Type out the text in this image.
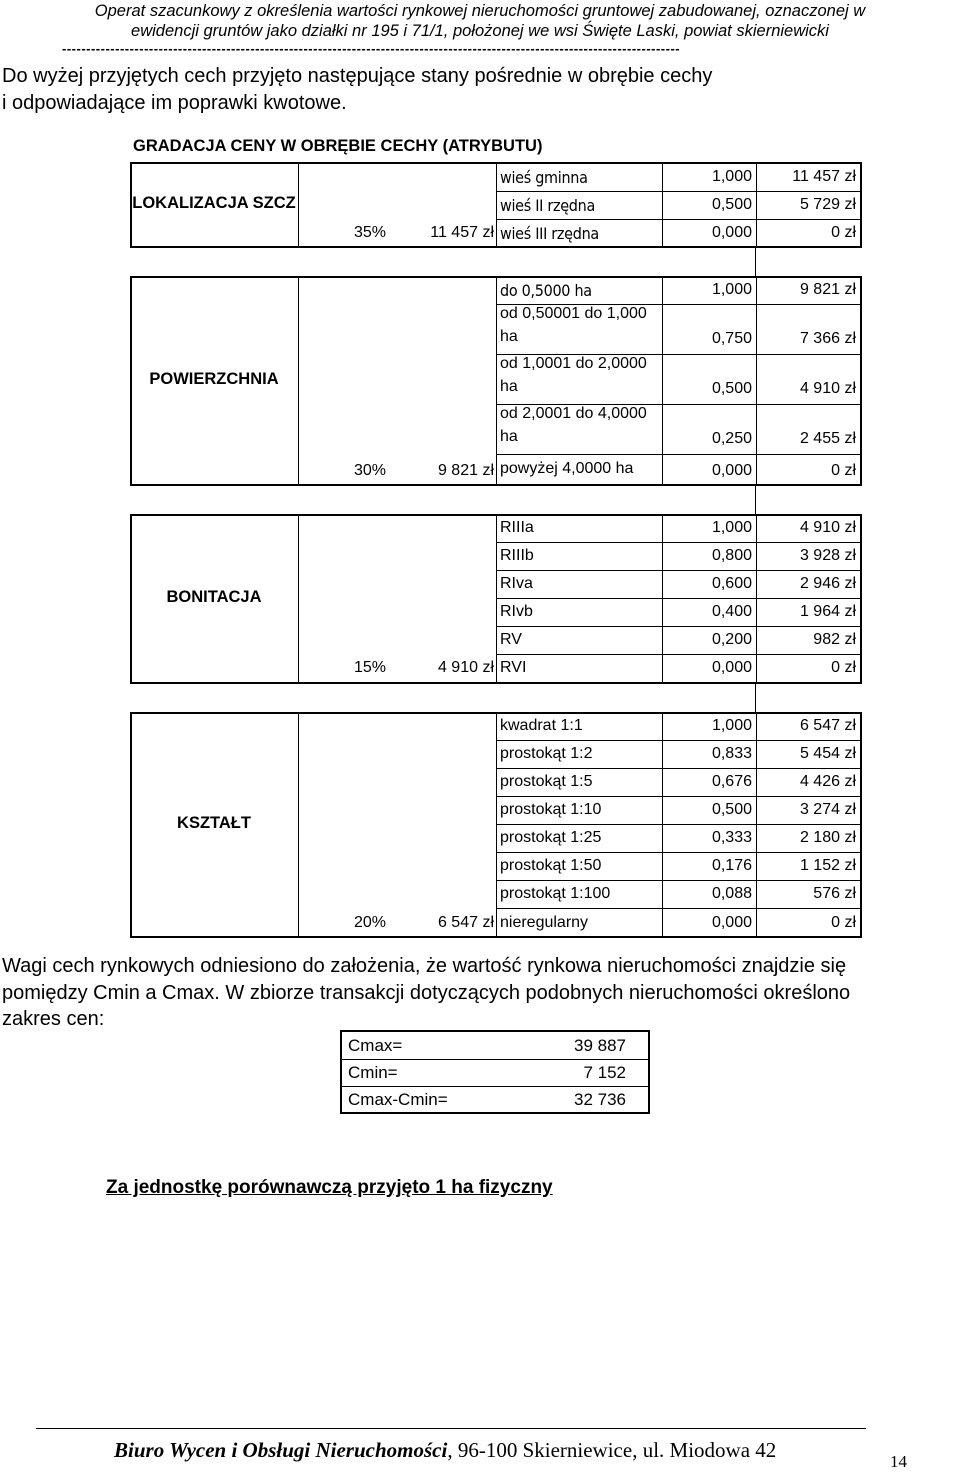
Operat szacunkowy z określenia wartości rynkowej nieruchomości gruntowej zabudowanej, oznaczonej w
ewidencji gruntów jako działki nr 195 i 71/1, położonej we wsi Święte Laski, powiat skierniewicki
--------------------------------------------------------------------------------------------------------------------------------
Do wyżej przyjętych cech przyjęto następujące stany pośrednie w obrębie cechy
i odpowiadające im poprawki kwotowe.
GRADACJA CENY W OBRĘBIE CECHY (ATRYBUTU)
LOKALIZACJA SZCZ
35%	11 457 zł
wieś gminna	1,000	11 457 zł
wieś II rzędna	0,500	5 729 zł
wieś III rzędna	0,000	0 zł
POWIERZCHNIA
30%	9 821 zł
do 0,5000 ha	1,000	9 821 zł
od 0,50001 do 1,000
ha	0,750	7 366 zł
od 1,0001 do 2,0000
ha	0,500	4 910 zł
od 2,0001 do 4,0000
ha	0,250	2 455 zł
powyżej 4,0000 ha	0,000	0 zł
BONITACJA
15%	4 910 zł
RIIIa	1,000	4 910 zł
RIIIb	0,800	3 928 zł
RIva	0,600	2 946 zł
RIvb	0,400	1 964 zł
RV	0,200	982 zł
RVI	0,000	0 zł
KSZTAŁT
20%	6 547 zł
kwadrat 1:1	1,000	6 547 zł
prostokąt 1:2	0,833	5 454 zł
prostokąt 1:5	0,676	4 426 zł
prostokąt 1:10	0,500	3 274 zł
prostokąt 1:25	0,333	2 180 zł
prostokąt 1:50	0,176	1 152 zł
prostokąt 1:100	0,088	576 zł
nieregularny	0,000	0 zł
Wagi cech rynkowych odniesiono do założenia, że wartość rynkowa nieruchomości znajdzie się
pomiędzy Cmin a Cmax. W zbiorze transakcji dotyczących podobnych nieruchomości określono
zakres cen:
Cmax=	39 887
Cmin=	7 152
Cmax-Cmin=	32 736
Za jednostkę porównawczą przyjęto 1 ha fizyczny
Biuro Wycen i Obsługi Nieruchomości, 96-100 Skierniewice, ul. Miodowa 42	14
